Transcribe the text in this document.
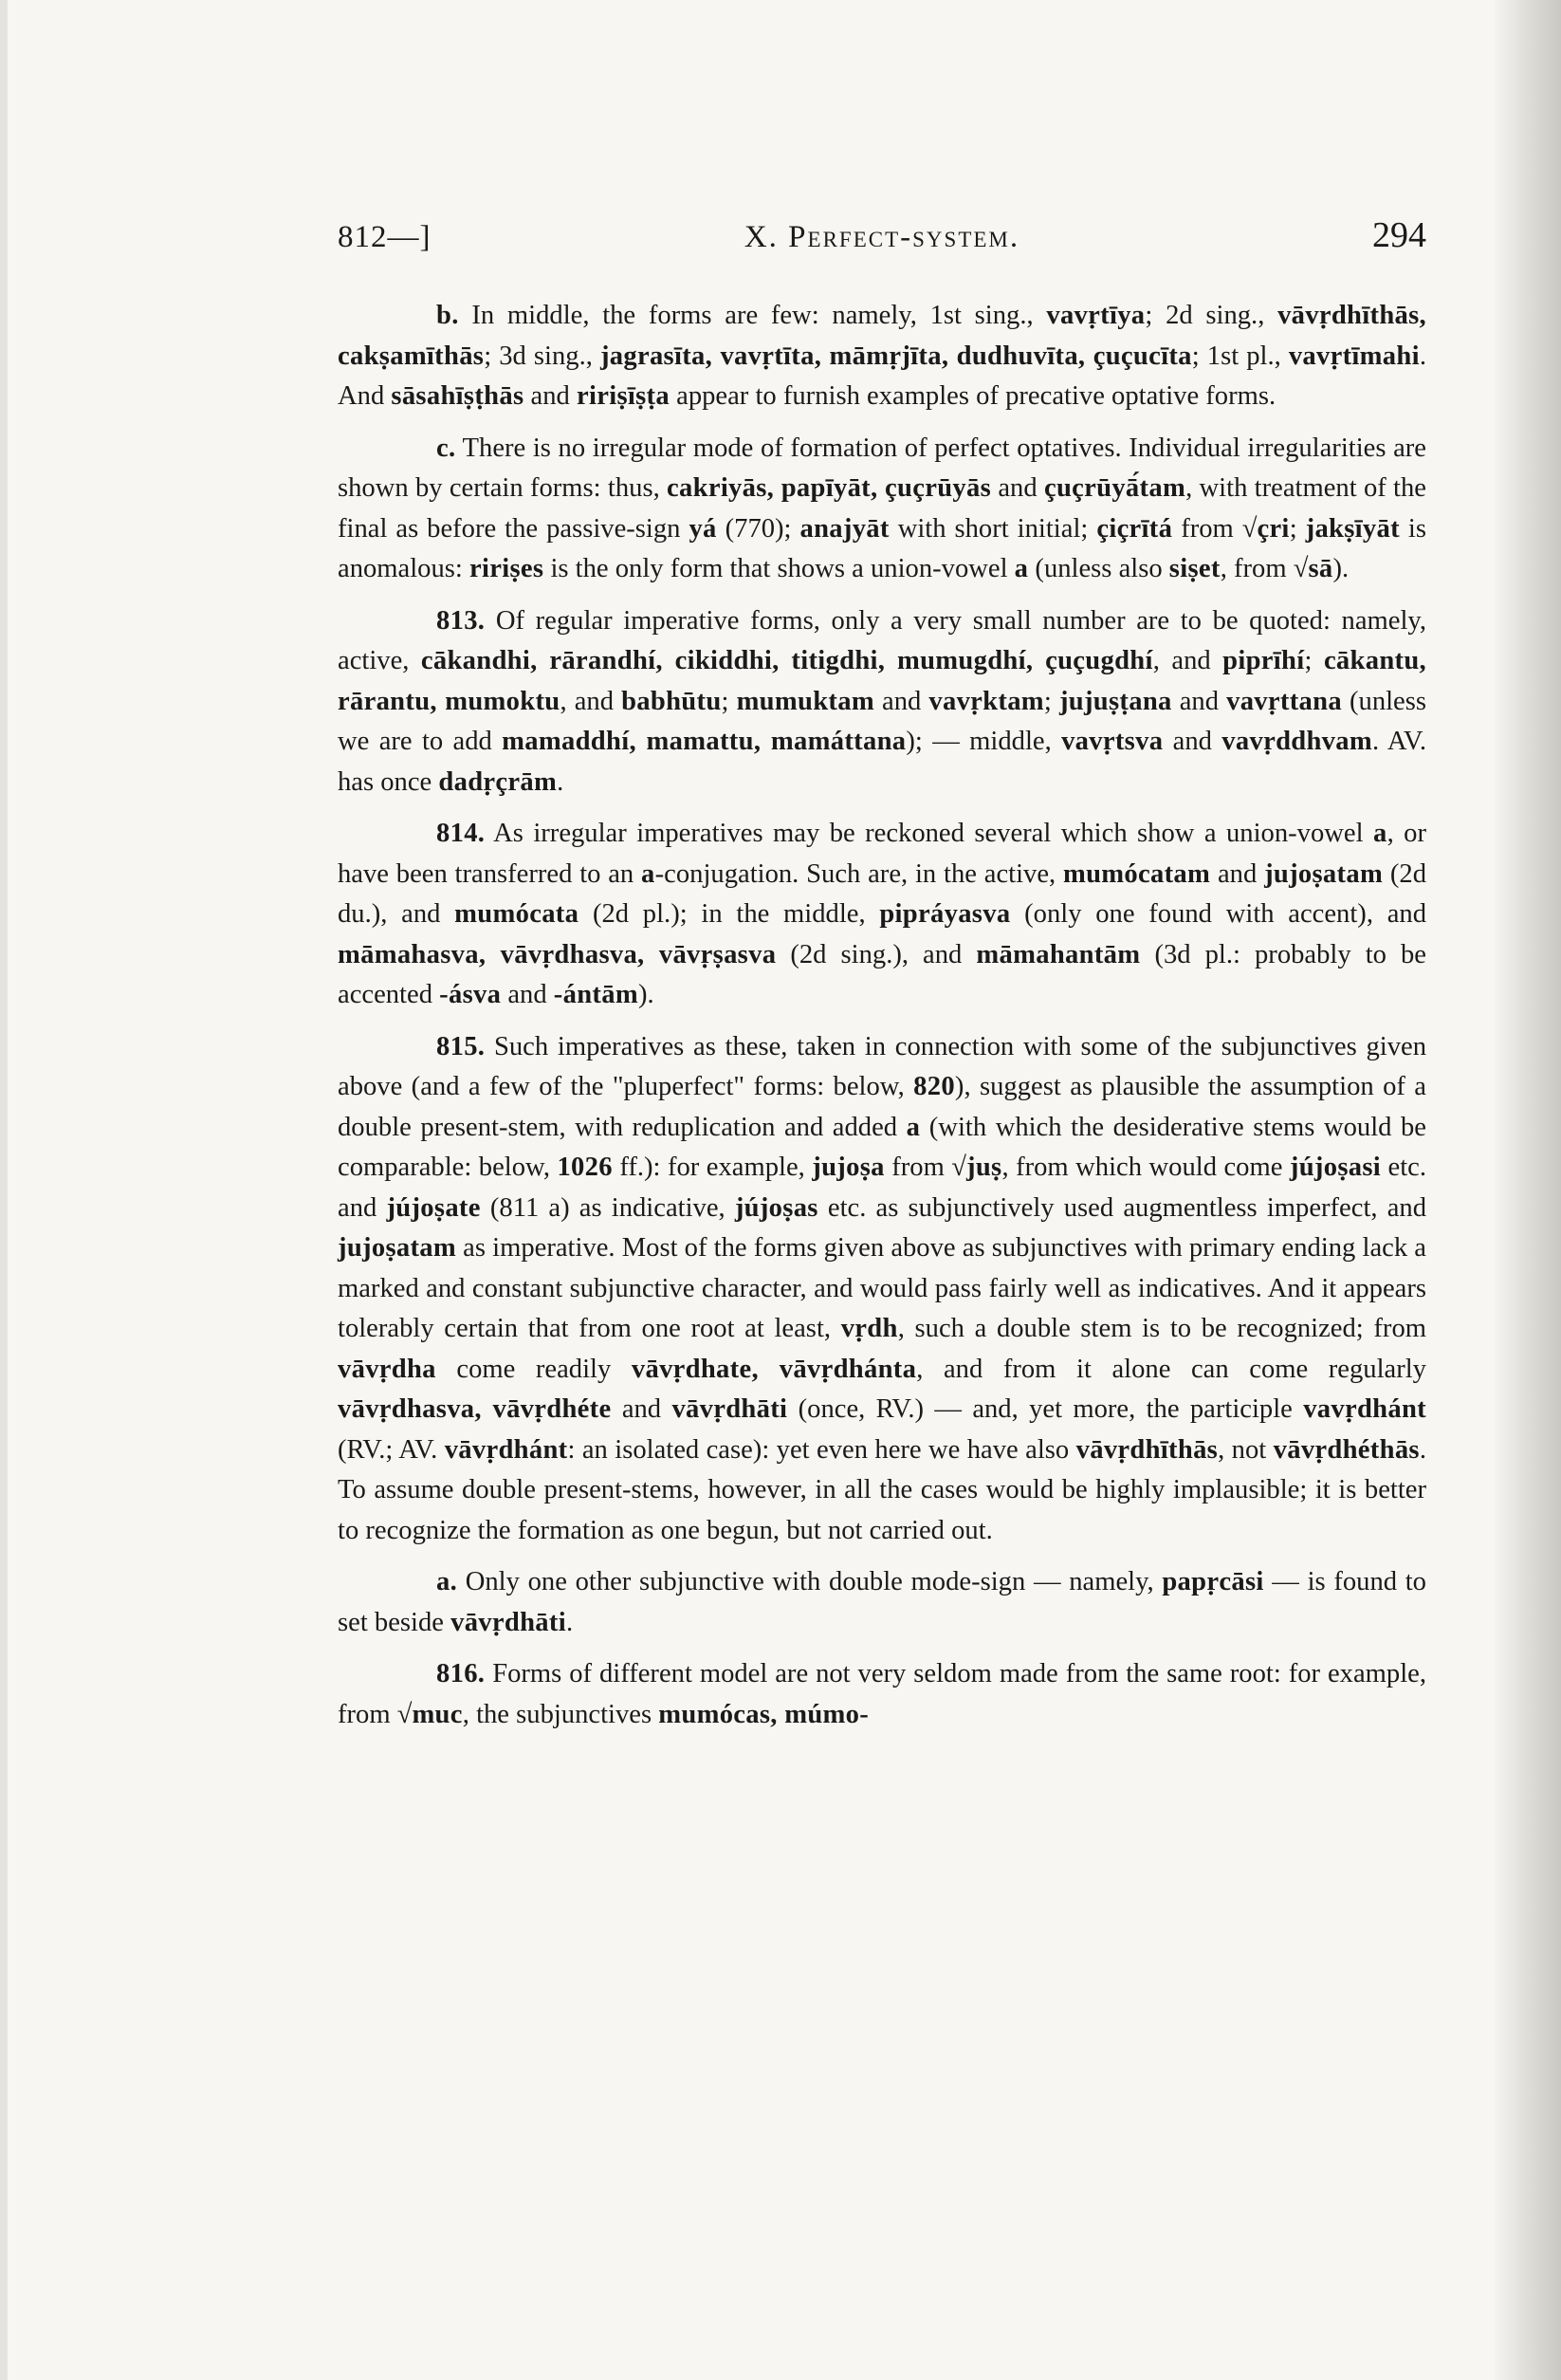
812—]	X. Perfect-system.	294

b. In middle, the forms are few: namely, 1st sing., vavṛtīya; 2d sing., vāvṛdhīthās, cakṣamīthās; 3d sing., jagrasīta, vavṛtīta, māmṛjīta, dudhuvīta, çuçucīta; 1st pl., vavṛtīmahi. And sāsahīṣṭhās and ririṣīṣṭa appear to furnish examples of precative optative forms.

c. There is no irregular mode of formation of perfect optatives. Individual irregularities are shown by certain forms: thus, cakriyās, papīyāt, çuçrūyās and çuçrūyā́tam, with treatment of the final as before the passive-sign yá (770); anajyāt with short initial; çiçrītá from √çri; jakṣīyāt is anomalous: ririṣes is the only form that shows a union-vowel a (unless also siṣet, from √sā).

813. Of regular imperative forms, only a very small number are to be quoted: namely, active, cākandhi, rārandhí, cikiddhi, titigdhi, mumugdhí, çuçugdhí, and piprīhí; cākantu, rārantu, mumoktu, and babhūtu; mumuktam and vavṛktam; jujuṣṭana and vavṛttana (unless we are to add mamaddhí, mamattu, mamáttana); — middle, vavṛtsva and vavṛddhvam. AV. has once dadṛçrām.

814. As irregular imperatives may be reckoned several which show a union-vowel a, or have been transferred to an a-conjugation. Such are, in the active, mumócatam and jujoṣatam (2d du.), and mumócata (2d pl.); in the middle, pipráyasva (only one found with accent), and māmahasva, vāvṛdhasva, vāvṛṣasva (2d sing.), and māmahantām (3d pl.: probably to be accented -ásva and -ántām).

815. Such imperatives as these, taken in connection with some of the subjunctives given above (and a few of the "pluperfect" forms: below, 820), suggest as plausible the assumption of a double present-stem, with reduplication and added a (with which the desiderative stems would be comparable: below, 1026 ff.): for example, jujoṣa from √juṣ, from which would come jújoṣasi etc. and jújoṣate (811 a) as indicative, jújoṣas etc. as subjunctively used augmentless imperfect, and jujoṣatam as imperative. Most of the forms given above as subjunctives with primary ending lack a marked and constant subjunctive character, and would pass fairly well as indicatives. And it appears tolerably certain that from one root at least, vṛdh, such a double stem is to be recognized; from vāvṛdha come readily vāvṛdhate, vāvṛdhánta, and from it alone can come regularly vāvṛdhasva, vāvṛdhéte and vāvṛdhāti (once, RV.) — and, yet more, the participle vavṛdhánt (RV.; AV. vāvṛdhánt: an isolated case): yet even here we have also vāvṛdhīthās, not vāvṛdhéthās. To assume double present-stems, however, in all the cases would be highly implausible; it is better to recognize the formation as one begun, but not carried out.

a. Only one other subjunctive with double mode-sign — namely, papṛcāsi — is found to set beside vāvṛdhāti.

816. Forms of different model are not very seldom made from the same root: for example, from √muc, the subjunctives mumócas, múmo-
